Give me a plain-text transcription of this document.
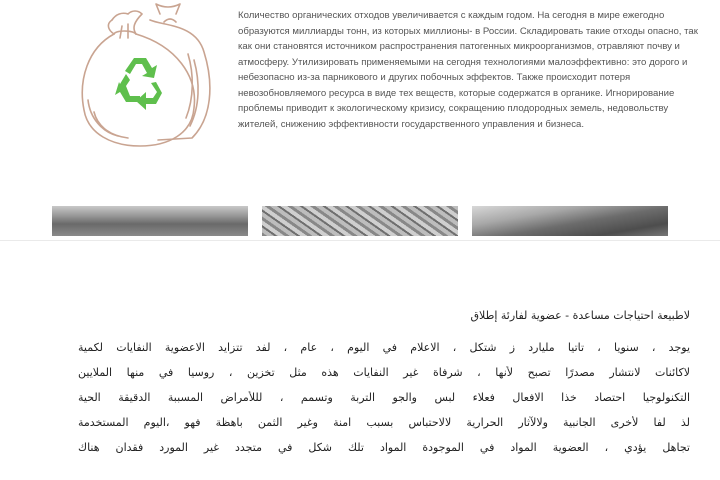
Количество органических отходов увеличивается с каждым годом. На сегодня в мире ежегодно образуются миллиарды тонн, из которых миллионы‑ в России. Складировать такие отходы опасно, так как они становятся источником распространения патогенных микроорганизмов, отравляют почву и атмосферу. Утилизировать применяемыми на сегодня технологиями малоэффективно: это дорого и небезопасно из‑за парникового и других побочных эффектов. Также происходит потеря невозобновляемого ресурса в виде тех веществ, которые содержатся в органике. Игнорирование проблемы приводит к экологическому кризису, сокращению плодородных земель, недовольству жителей, снижению эффективности государственного управления и бизнеса.

لاطبيعة احتياجات مساعدة - عضوية لفارئة إطلاق
يوجد ، سنويا ، تاتيا مليارد ز شتكل ، الاعلام في اليوم ، عام ، لفد تتزايد الاعضوية النفايات لكمية
لاكائنات لانتشار مصدرًا تصبح لأنها ، شرفاة غير النفايات هذه مثل تخزين ، روسيا في منها الملايين
التكنولوجيا احتصاد خذا الافعال فعلاء لبس والجو التربة وتسمم ، لللأمراض المسببة الدقيقة الحية
لذ لفا لأخرى الجانبية ولالآثار الحرارية لالاحتباس بسبب امنة وغير الثمن باهظة فهو ،اليوم المستخدمة
تجاهل يؤدي ، العضوية المواد في الموجودة المواد تلك شكل في متجدد غير المورد فقدان هناك
